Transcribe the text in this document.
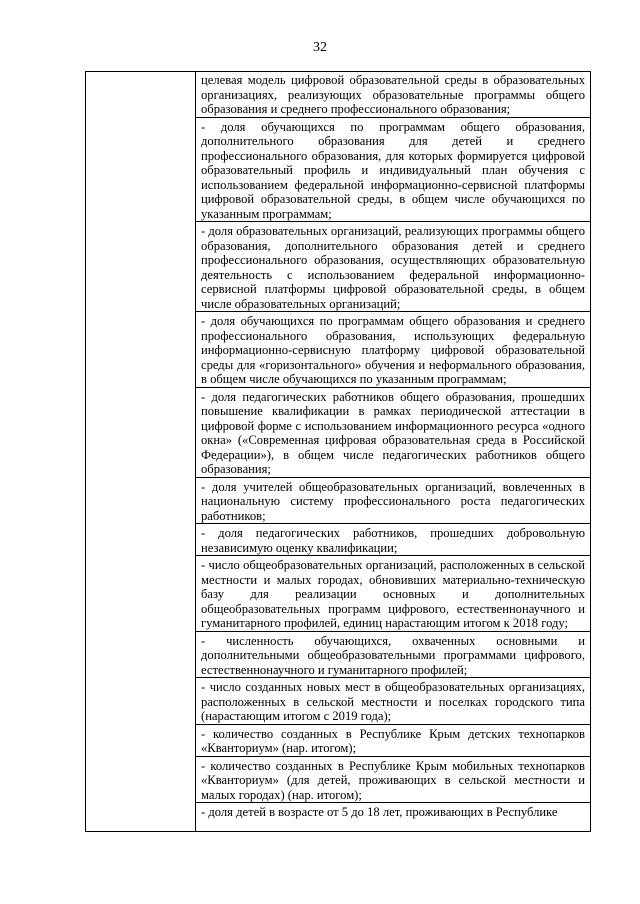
32

целевая модель цифровой образовательной среды в образовательных организациях, реализующих образовательные программы общего образования и среднего профессионального образования;

- доля обучающихся по программам общего образования, дополнительного образования для детей и среднего профессионального образования, для которых формируется цифровой образовательный профиль и индивидуальный план обучения с использованием федеральной информационно-сервисной платформы цифровой образовательной среды, в общем числе обучающихся по указанным программам;

- доля образовательных организаций, реализующих программы общего образования, дополнительного образования детей и среднего профессионального образования, осуществляющих образовательную деятельность с использованием федеральной информационно-сервисной платформы цифровой образовательной среды, в общем числе образовательных организаций;

- доля обучающихся по программам общего образования и среднего профессионального образования, использующих федеральную информационно-сервисную платформу цифровой образовательной среды для «горизонтального» обучения и неформального образования, в общем числе обучающихся по указанным программам;

- доля педагогических работников общего образования, прошедших повышение квалификации в рамках периодической аттестации в цифровой форме с использованием информационного ресурса «одного окна» («Современная цифровая образовательная среда в Российской Федерации»), в общем числе педагогических работников общего образования;

- доля учителей общеобразовательных организаций, вовлеченных в национальную систему профессионального роста педагогических работников;

- доля педагогических работников, прошедших добровольную независимую оценку квалификации;

- число общеобразовательных организаций, расположенных в сельской местности и малых городах, обновивших материально-техническую базу для реализации основных и дополнительных общеобразовательных программ цифрового, естественнонаучного и гуманитарного профилей, единиц нарастающим итогом к 2018 году;

- численность обучающихся, охваченных основными и дополнительными общеобразовательными программами цифрового, естественнонаучного и гуманитарного профилей;

- число созданных новых мест в общеобразовательных организациях, расположенных в сельской местности и поселках городского типа (нарастающим итогом с 2019 года);

- количество созданных в Республике Крым детских технопарков «Кванториум» (нар. итогом);

- количество созданных в Республике Крым мобильных технопарков «Кванториум» (для детей, проживающих в сельской местности и малых городах) (нар. итогом);

- доля детей в возрасте от 5 до 18 лет, проживающих в Республике
